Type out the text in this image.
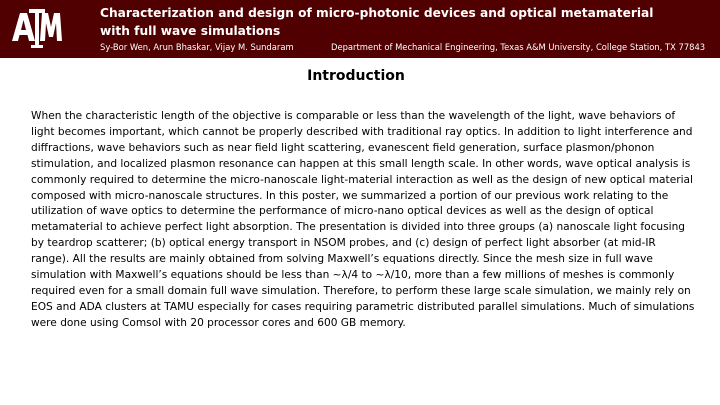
Characterization and design of micro-photonic devices and optical metamaterial
with full wave simulations
Sy-Bor Wen, Arun Bhaskar, Vijay M. Sundaram	Department of Mechanical Engineering, Texas A&M University, College Station, TX 77843
Introduction

When the characteristic length of the objective is comparable or less than the wavelength of the light, wave behaviors of light becomes important, which cannot be properly described with traditional ray optics. In addition to light interference and diffractions, wave behaviors such as near field light scattering, evanescent field generation, surface plasmon/phonon stimulation, and localized plasmon resonance can happen at this small length scale. In other words, wave optical analysis is commonly required to determine the micro-nanoscale light-material interaction as well as the design of new optical material composed with micro-nanoscale structures. In this poster, we summarized a portion of our previous work relating to the utilization of wave optics to determine the performance of micro-nano optical devices as well as the design of optical metamaterial to achieve perfect light absorption. The presentation is divided into three groups (a) nanoscale light focusing by teardrop scatterer; (b) optical energy transport in NSOM probes, and (c) design of perfect light absorber (at mid-IR range). All the results are mainly obtained from solving Maxwell’s equations directly. Since the mesh size in full wave simulation with Maxwell’s equations should be less than ~λ/4 to ~λ/10, more than a few millions of meshes is commonly required even for a small domain full wave simulation. Therefore, to perform these large scale simulation, we mainly rely on EOS and ADA clusters at TAMU especially for cases requiring parametric distributed parallel simulations. Much of simulations were done using Comsol with 20 processor cores and 600 GB memory.
